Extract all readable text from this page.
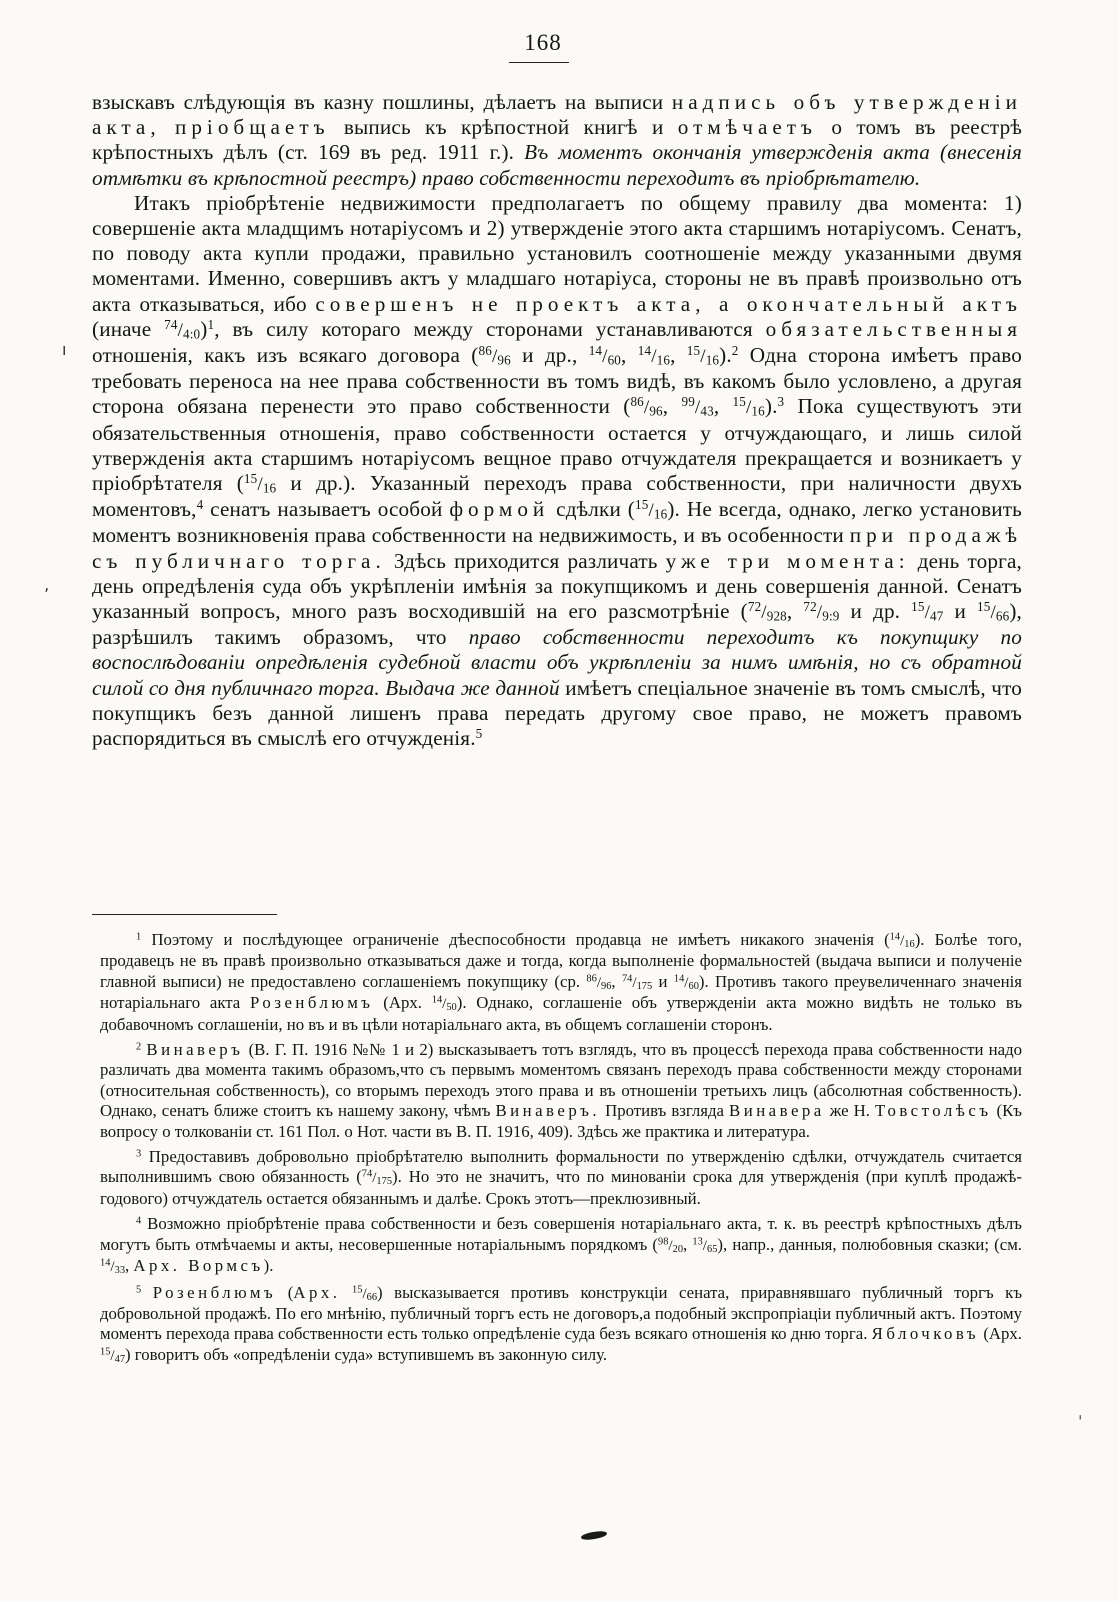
168

взыскавъ слѣдующія въ казну пошлины, дѣлаетъ на выписи надпись объ утвержденіи акта, пріобщаетъ выпись къ крѣпостной книгѣ и отмѣчаетъ о томъ въ реестрѣ крѣпостныхъ дѣлъ (ст. 169 въ ред. 1911 г.). Въ моментъ окончанія утвержденія акта (внесенія отмѣтки въ крѣпостной реестръ) право собственности переходитъ въ пріобрѣтателю.

Итакъ пріобрѣтеніе недвижимости предполагаетъ по общему правилу два момента: 1) совершеніе акта младщимъ нотаріусомъ и 2) утвержденіе этого акта старшимъ нотаріусомъ. Сенатъ, по поводу акта купли продажи, правильно установилъ соотношеніе между указанными двумя моментами. Именно, совершивъ актъ у младшаго нотаріуса, стороны не въ правѣ произвольно отъ акта отказываться, ибо совершенъ не проектъ акта, а окончательный актъ (иначе $^{74}/_{4:0})^1$, въ силу котораго между сторонами устанавливаются обязательственныя отношенія, какъ изъ всякаго договора ($^{86}/_{96}$ и др., $^{14}/_{60}$, $^{14}/_{16}$, $^{15}/_{16}).^2$ Одна сторона имѣетъ право требовать переноса на нее права собственности въ томъ видѣ, въ какомъ было условлено, а другая сторона обязана перенести это право собственности ($^{86}/_{96}$, $^{99}/_{43}$, $^{15}/_{16}).^3$ Пока существуютъ эти обязательственныя отношенія, право собственности остается у отчуждающаго, и лишь силой утвержденія акта старшимъ нотаріусомъ вещное право отчуждателя прекращается и возникаетъ у пріобрѣтателя ($^{15}/_{16}$ и др.). Указанный переходъ права собственности, при наличности двухъ моментовъ,$^4$ сенатъ называетъ особой формой сдѣлки $(^{15}/_{16})$. Не всегда, однако, легко установить моментъ возникновенія права собственности на недвижимость, и въ особенности при продажѣ съ публичнаго торга. Здѣсь приходится различать уже три момента: день торга, день опредѣленія суда объ укрѣпленіи имѣнія за покупщикомъ и день совершенія данной. Сенатъ указанный вопросъ, много разъ восходившій на его разсмотрѣніе ($^{72}/_{928}$, $^{72}/_{9:9}$ и др. $^{15}/_{47}$ и $^{15}/_{66}$), разрѣшилъ такимъ образомъ, что право собственности переходитъ къ покупщику по воспослѣдованіи опредѣленія судебной власти объ укрѣпленіи за нимъ имѣнія, но съ обратной силой со дня публичнаго торга. Выдача же данной имѣетъ спеціальное значеніе въ томъ смыслѣ, что покупщикъ безъ данной лишенъ права передать другому свое право, не можетъ правомъ распорядиться въ смыслѣ его отчужденія.$^5$

$^1$ Поэтому и послѣдующее ограниченіе дѣеспособности продавца не имѣетъ никакого значенія $(^{14}/_{16})$. Болѣе того, продавецъ не въ правѣ произвольно отказываться даже и тогда, когда выполненіе формальностей (выдача выписи и полученіе главной выписи) не предоставлено соглашеніемъ покупщику (ср. $^{86}/_{96}$, $^{74}/_{175}$ и $^{14}/_{60}$). Противъ такого преувеличеннаго значенія нотаріальнаго акта Розенблюмъ (Арх. $^{14}/_{50}$). Однако, соглашеніе объ утвержденіи акта можно видѣть не только въ добавочномъ соглашеніи, но въ и въ цѣли нотаріальнаго акта, въ общемъ соглашеніи сторонъ.

$^2$ Винаверъ (В. Г. П. 1916 №№ 1 и 2) высказываетъ тотъ взглядъ, что въ процессѣ перехода права собственности надо различать два момента такимъ образомъ,что съ первымъ моментомъ связанъ переходъ права собственности между сторонами (относительная собственность), со вторымъ переходъ этого права и въ отношеніи третьихъ лицъ (абсолютная собственность). Однако, сенатъ ближе стоитъ къ нашему закону, чѣмъ Винаверъ. Противъ взгляда Винавера же Н. Товстолѣсъ (Къ вопросу о толкованіи ст. 161 Пол. о Нот. части въ В. П. 1916, 409). Здѣсь же практика и литература.

$^3$ Предоставивъ добровольно пріобрѣтателю выполнить формальности по утвержденію сдѣлки, отчуждатель считается выполнившимъ свою обязанность $(^{74}/_{175})$. Но это не значитъ, что по минованіи срока для утвержденія (при куплѣ продажѣ-годового) отчуждатель остается обязаннымъ и далѣе. Срокъ этотъ—преклюзивный.

$^4$ Возможно пріобрѣтеніе права собственности и безъ совершенія нотаріальнаго акта, т. к. въ реестрѣ крѣпостныхъ дѣлъ могутъ быть отмѣчаемы и акты, несовершенные нотаріальнымъ порядкомъ ($^{98}/_{20}$, $^{13}/_{65}$), напр., данныя, полюбовныя сказки; (см. $^{14}/_{33}$, Арх. Вормсъ).

$^5$ Розенблюмъ (Арх. $^{15}/_{66}$) высказывается противъ конструкціи сената, приравнявшаго публичный торгъ къ добровольной продажѣ. По его мнѣнію, публичный торгъ есть не договоръ,а подобный экспропріаціи публичный актъ. Поэтому моментъ перехода права собственности есть только опредѣленіе суда безъ всякаго отношенія ко дню торга. Яблочковъ (Арх. $^{15}/_{47}$) говоритъ объ «опредѣленіи суда» вступившемъ въ законную силу.

ı
ʼ
ˌ
